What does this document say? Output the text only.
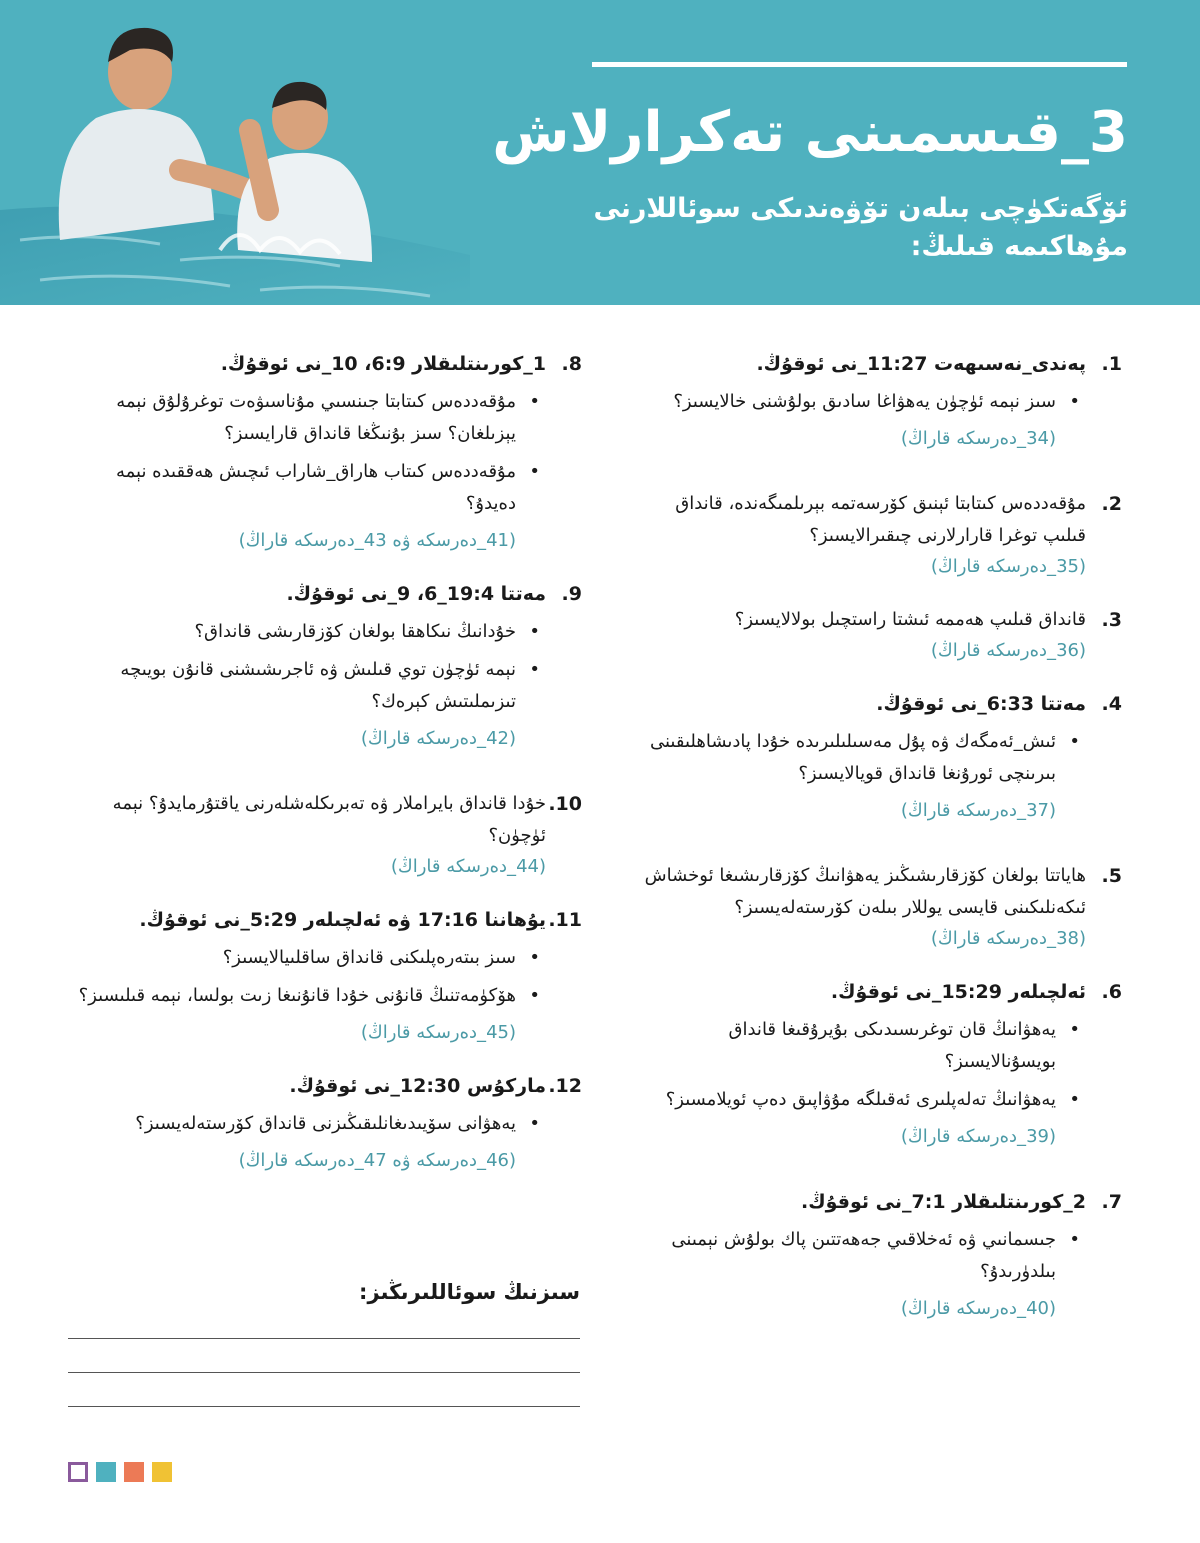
3_قىسمىنى تەكرارلاش
ئۆگەتكۈچى بىلەن تۆۋەندىكى سوئاللارنى مۇھاكىمە قىلىڭ:
1.
پەندى_نەسىھەت 11:27_نى ئوقۇڭ.
• سىز نېمە ئۈچۈن يەھۋاغا سادىق بولۇشنى خالايسىز؟
(34_دەرسكە قاراڭ)
2.
مۇقەددەس كىتابتا ئېنىق كۆرسەتمە بېرىلمىگەندە، قانداق قىلىپ توغرا قارارلارنى چىقىرالايسىز؟
(35_دەرسكە قاراڭ)
3.
قانداق قىلىپ ھەممە ئىشتا راستچىل بولالايسىز؟
(36_دەرسكە قاراڭ)
4.
مەتتا 6:33_نى ئوقۇڭ.
• ئىش_ئەمگەك ۋە پۇل مەسىلىلىرىدە خۇدا پادىشاھلىقىنى بىرىنچى ئورۇنغا قانداق قويالايسىز؟
(37_دەرسكە قاراڭ)
5.
ھاياتتا بولغان كۆزقارىشىڭىز يەھۋانىڭ كۆزقارىشىغا ئوخشاش ئىكەنلىكىنى قايسى يوللار بىلەن كۆرستەلەيسىز؟
(38_دەرسكە قاراڭ)
6.
ئەلچىلەر 15:29_نى ئوقۇڭ.
• يەھۋانىڭ قان توغرىسىدىكى بۇيرۇقىغا قانداق بويسۇنالايسىز؟
• يەھۋانىڭ تەلەپلىرى ئەقىلگە مۇۋاپىق دەپ ئويلامسىز؟
(39_دەرسكە قاراڭ)
7.
2_كورىنتلىقلار 7:1_نى ئوقۇڭ.
• جىسمانىي ۋە ئەخلاقىي جەھەتتىن پاك بولۇش نېمىنى بىلدۈرىدۇ؟
(40_دەرسكە قاراڭ)
8.
1_كورىنتلىقلار 6:9، 10_نى ئوقۇڭ.
• مۇقەددەس كىتابتا جىنسىي مۇناسىۋەت توغرۇلۇق نېمە يېزىلغان؟ سىز بۇنىڭغا قانداق قارايسىز؟
• مۇقەددەس كىتاب ھاراق_شاراب ئىچىش ھەققىدە نېمە دەيدۇ؟
(41_دەرسكە ۋە 43_دەرسكە قاراڭ)
9.
مەتتا 19:4_6، 9_نى ئوقۇڭ.
• خۇدانىڭ نىكاھقا بولغان كۆزقارىشى قانداق؟
• نېمە ئۈچۈن توي قىلىش ۋە ئاجرىشىشنى قانۇن بويىچە تىزىملىتىش كېرەك؟
(42_دەرسكە قاراڭ)
10.
خۇدا قانداق بايراملار ۋە تەبرىكلەشلەرنى ياقتۇرمايدۇ؟ نېمە ئۈچۈن؟
(44_دەرسكە قاراڭ)
11.
يۇھاننا 17:16 ۋە ئەلچىلەر 5:29_نى ئوقۇڭ.
• سىز بىتەرەپلىكنى قانداق ساقلىيالايسىز؟
• ھۆكۈمەتنىڭ قانۇنى خۇدا قانۇنىغا زىت بولسا، نېمە قىلىسىز؟
(45_دەرسكە قاراڭ)
12.
ماركۇس 12:30_نى ئوقۇڭ.
• يەھۋانى سۆيىدىغانلىقىڭىزنى قانداق كۆرستەلەيسىز؟
(46_دەرسكە ۋە 47_دەرسكە قاراڭ)
سىزنىڭ سوئاللىرىڭىز:
